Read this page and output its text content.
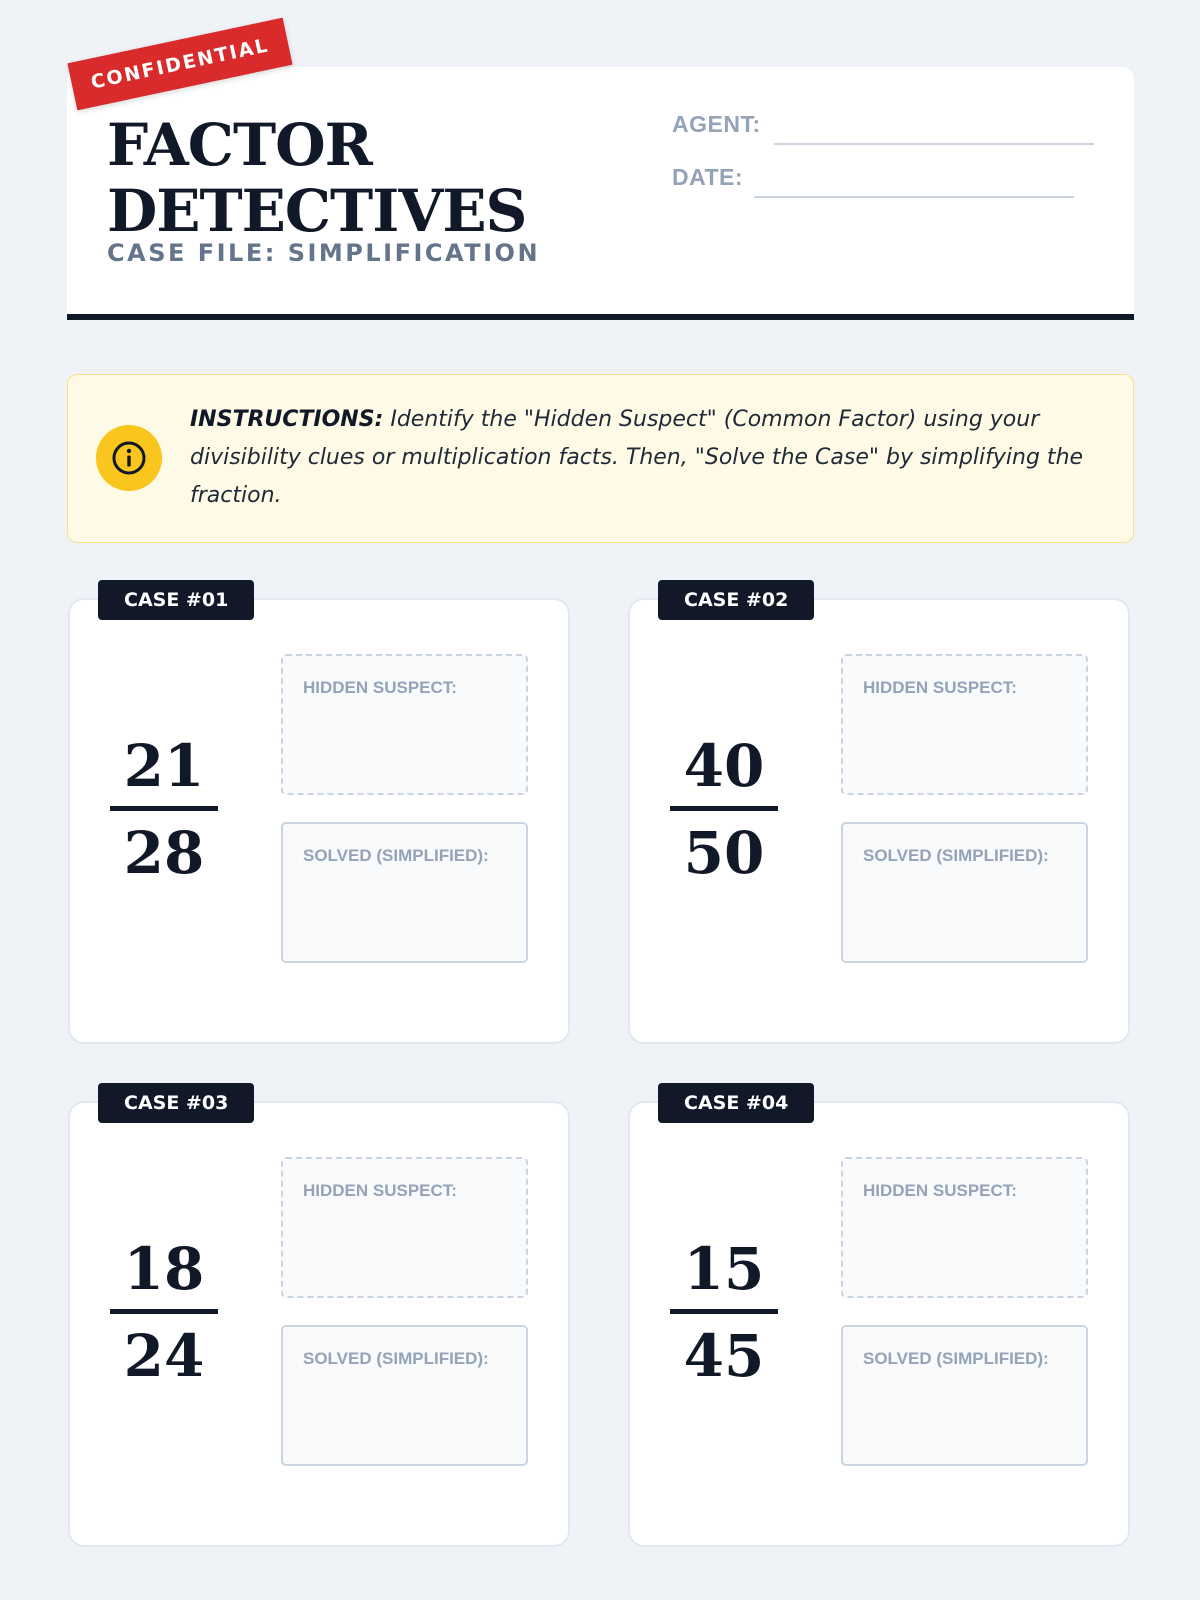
CONFIDENTIAL
FACTOR
DETECTIVES
CASE FILE: SIMPLIFICATION
AGENT:
DATE:
INSTRUCTIONS: Identify the "Hidden Suspect" (Common Factor) using your divisibility clues or multiplication facts. Then, "Solve the Case" by simplifying the fraction.
CASE #01
21
28
HIDDEN SUSPECT:
SOLVED (SIMPLIFIED):
CASE #02
40
50
HIDDEN SUSPECT:
SOLVED (SIMPLIFIED):
CASE #03
18
24
HIDDEN SUSPECT:
SOLVED (SIMPLIFIED):
CASE #04
15
45
HIDDEN SUSPECT:
SOLVED (SIMPLIFIED):
